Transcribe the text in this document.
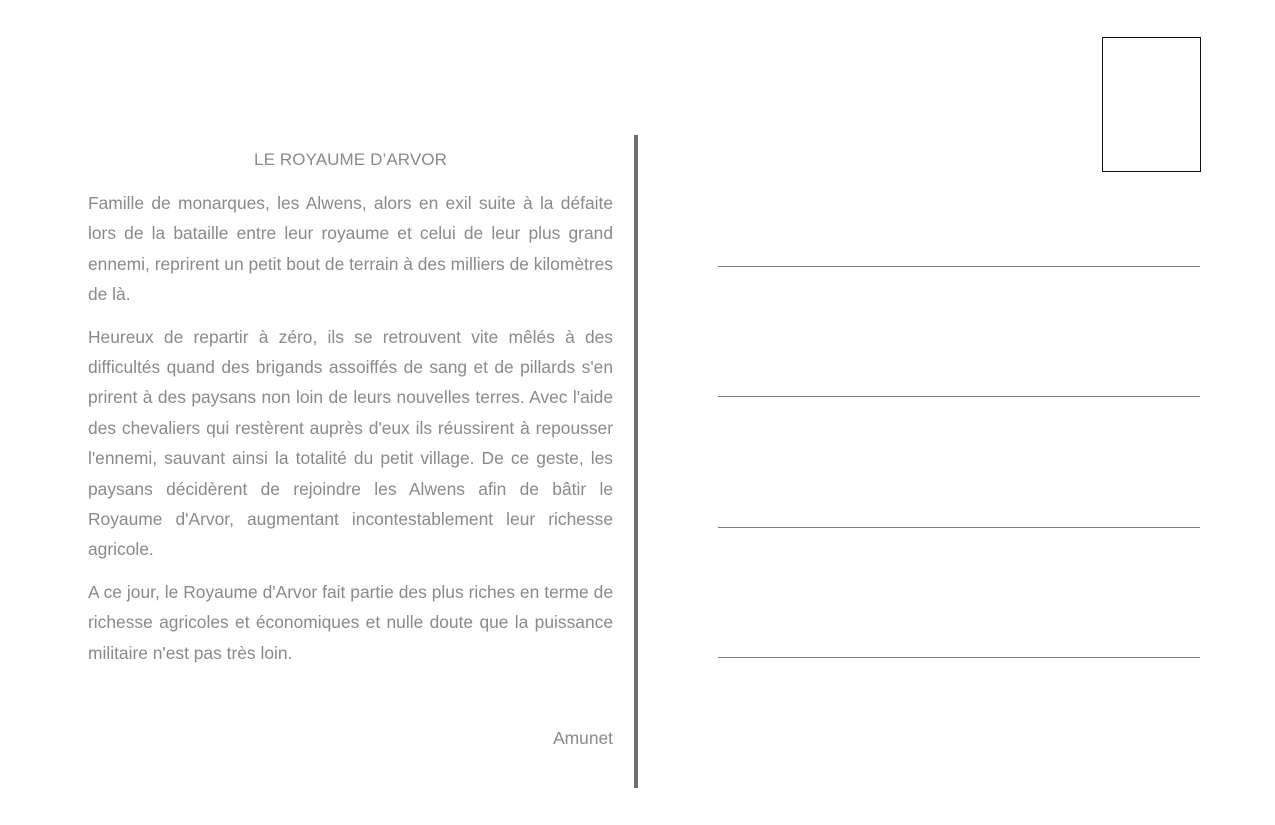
LE ROYAUME D’ARVOR

Famille de monarques, les Alwens, alors en exil suite à la défaite lors de la bataille entre leur royaume et celui de leur plus grand ennemi, reprirent un petit bout de terrain à des milliers de kilomètres de là.

Heureux de repartir à zéro, ils se retrouvent vite mêlés à des difficultés quand des brigands assoiffés de sang et de pillards s'en prirent à des paysans non loin de leurs nouvelles terres. Avec l'aide des chevaliers qui restèrent auprès d'eux ils réussirent à repousser l'ennemi, sauvant ainsi la totalité du petit village. De ce geste, les paysans décidèrent de rejoindre les Alwens afin de bâtir le Royaume d'Arvor, augmentant incontestablement leur richesse agricole.

A ce jour, le Royaume d'Arvor fait partie des plus riches en terme de richesse agricoles et économiques et nulle doute que la puissance militaire n'est pas très loin.

Amunet
